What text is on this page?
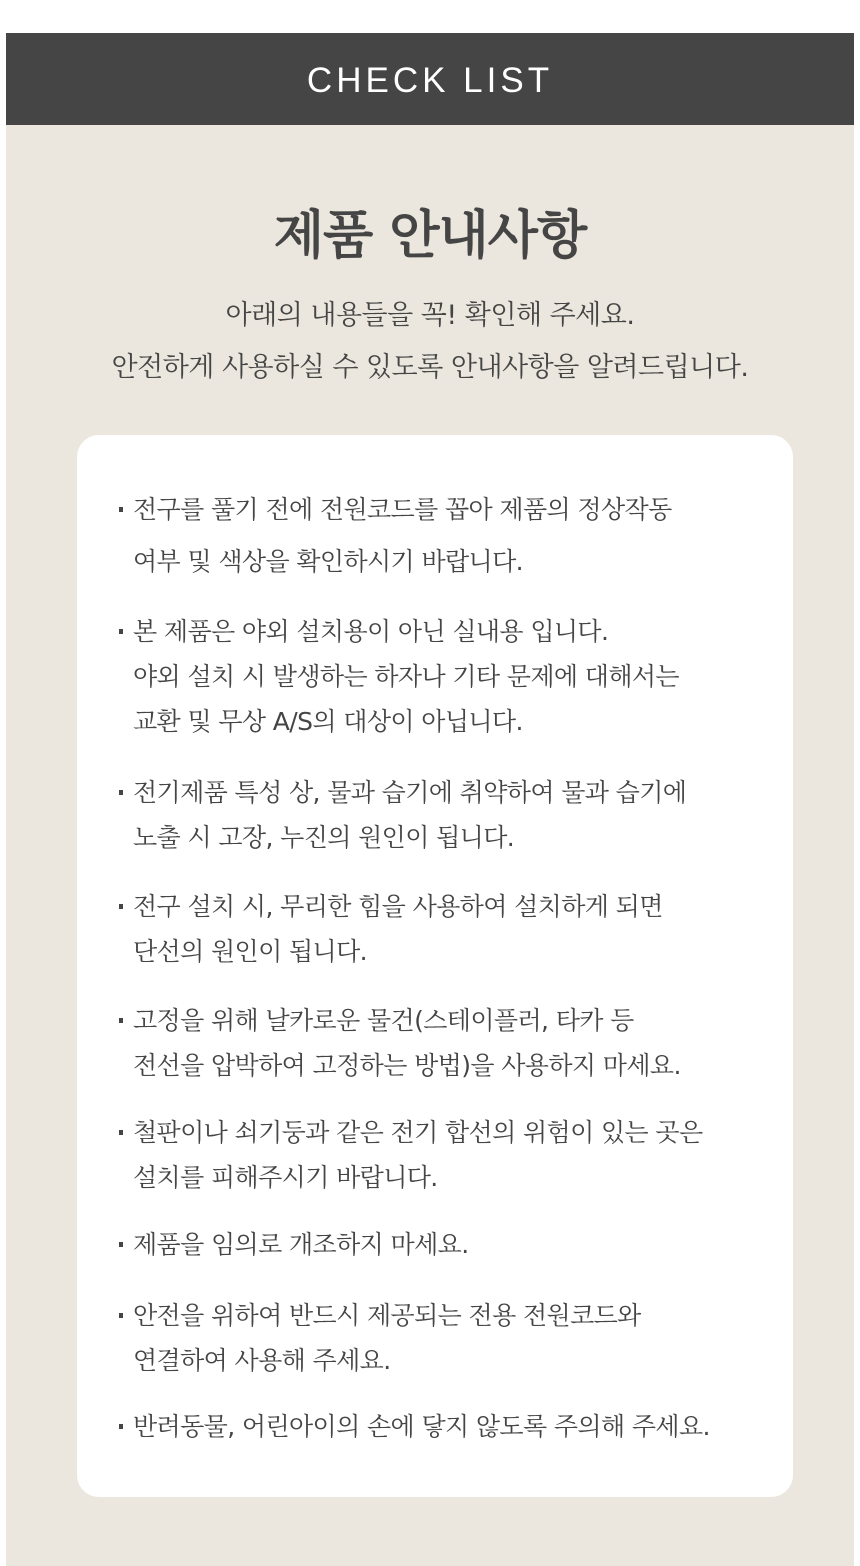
CHECK LIST
제품 안내사항
아래의 내용들을 꼭! 확인해 주세요.
안전하게 사용하실 수 있도록 안내사항을 알려드립니다.
전구를 풀기 전에 전원코드를 꼽아 제품의 정상작동
여부 및 색상을 확인하시기 바랍니다.
본 제품은 야외 설치용이 아닌 실내용 입니다.
야외 설치 시 발생하는 하자나 기타 문제에 대해서는
교환 및 무상 A/S의 대상이 아닙니다.
전기제품 특성 상, 물과 습기에 취약하여 물과 습기에
노출 시 고장, 누진의 원인이 됩니다.
전구 설치 시, 무리한 힘을 사용하여 설치하게 되면
단선의 원인이 됩니다.
고정을 위해 날카로운 물건(스테이플러, 타카 등
전선을 압박하여 고정하는 방법)을 사용하지 마세요.
철판이나 쇠기둥과 같은 전기 합선의 위험이 있는 곳은
설치를 피해주시기 바랍니다.
제품을 임의로 개조하지 마세요.
안전을 위하여 반드시 제공되는 전용 전원코드와
연결하여 사용해 주세요.
반려동물, 어린아이의 손에 닿지 않도록 주의해 주세요.
